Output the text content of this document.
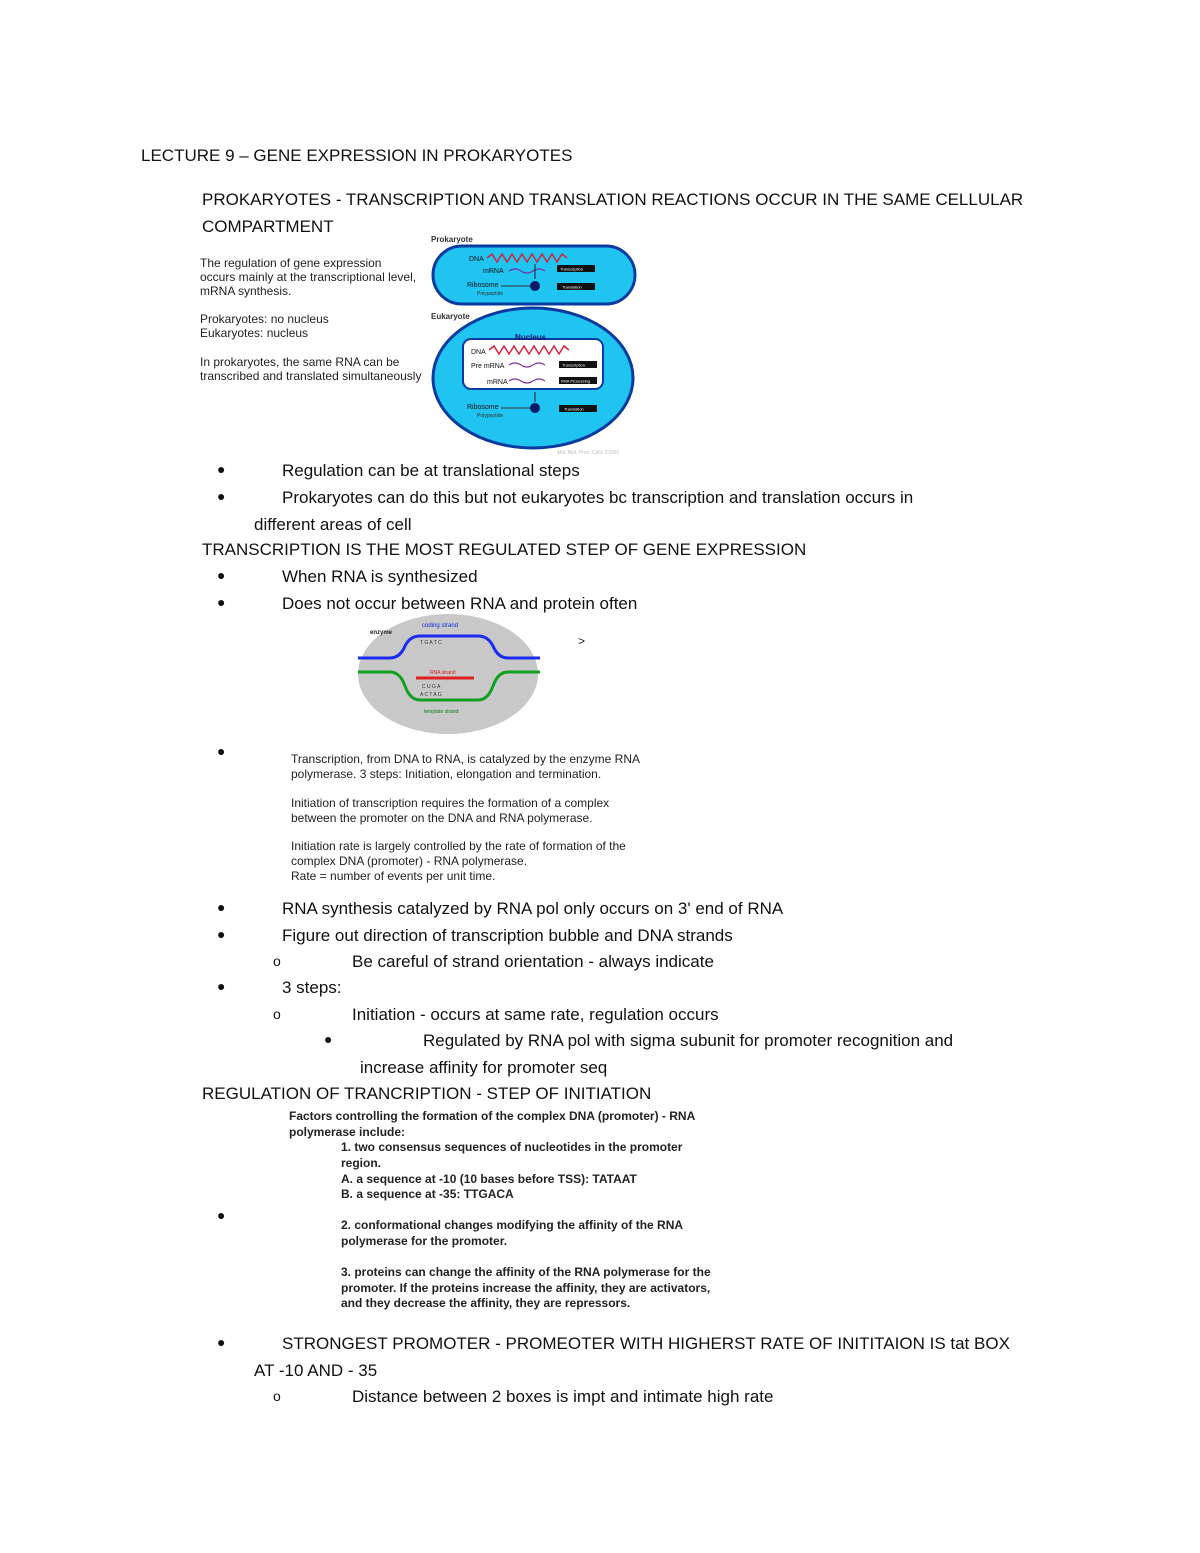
LECTURE 9 – GENE EXPRESSION IN PROKARYOTES
PROKARYOTES - TRANSCRIPTION AND TRANSLATION REACTIONS OCCUR IN THE SAME CELLULAR
COMPARTMENT
The regulation of gene expression
occurs mainly at the transcriptional level,
mRNA synthesis.
Prokaryotes: no nucleus
Eukaryotes: nucleus
In prokaryotes, the same RNA can be
transcribed and translated simultaneously
Prokaryote
DNA
mRNA
Ribosome
Polypeptide
Transcription
Translation
Eukaryote
Nucleus
DNA
Pre mRNA
mRNA
Transcription
RNA Processing
Ribosome
Polypeptide
Translation
Mol. Biol. Proc. Cells ©2001
●	Regulation can be at translational steps
●	Prokaryotes can do this but not eukaryotes bc transcription and translation occurs in
different areas of cell
TRANSCRIPTION IS THE MOST REGULATED STEP OF GENE EXPRESSION
●	When RNA is synthesized
●	Does not occur between RNA and protein often
enzyme
coding strand
T G A T C
RNA strand
C U G A
A C T A G
template strand
>
●	Transcription, from DNA to RNA, is catalyzed by the enzyme RNA
polymerase. 3 steps: Initiation, elongation and termination.
Initiation of transcription requires the formation of a complex
between the promoter on the DNA and RNA polymerase.
Initiation rate is largely controlled by the rate of formation of the
complex DNA (promoter) - RNA polymerase.
Rate = number of events per unit time.
●	RNA synthesis catalyzed by RNA pol only occurs on 3' end of RNA
●	Figure out direction of transcription bubble and DNA strands
o	Be careful of strand orientation - always indicate
●	3 steps:
o	Initiation - occurs at same rate, regulation occurs
●	Regulated by RNA pol with sigma subunit for promoter recognition and
increase affinity for promoter seq
REGULATION OF TRANCRIPTION - STEP OF INITIATION
Factors controlling the formation of the complex DNA (promoter) - RNA
polymerase include:
1. two consensus sequences of nucleotides in the promoter
region.
A. a sequence at -10 (10 bases before TSS): TATAAT
B. a sequence at -35: TTGACA
●
2. conformational changes modifying the affinity of the RNA
polymerase for the promoter.
3. proteins can change the affinity of the RNA polymerase for the
promoter. If the proteins increase the affinity, they are activators,
and they decrease the affinity, they are repressors.
●	STRONGEST PROMOTER - PROMEOTER WITH HIGHERST RATE OF INITITAION IS tat BOX
AT -10 AND - 35
o	Distance between 2 boxes is impt and intimate high rate
